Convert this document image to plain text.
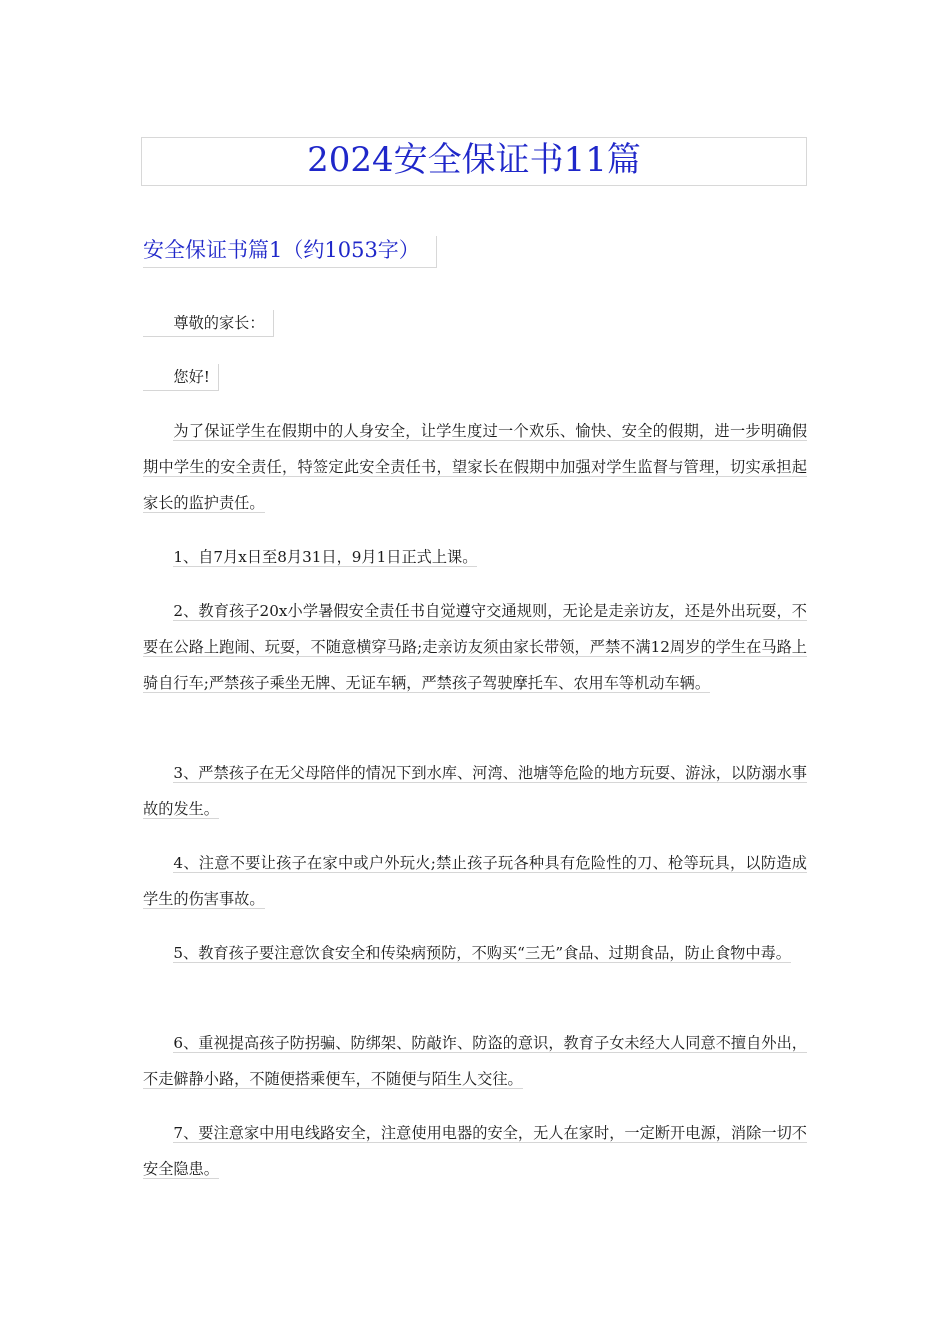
2024安全保证书11篇
安全保证书篇1（约1053字）

尊敬的家长：

您好!

为了保证学生在假期中的人身安全，让学生度过一个欢乐、愉快、安全的假期，进一步明确假期中学生的安全责任，特签定此安全责任书，望家长在假期中加强对学生监督与管理，切实承担起家长的监护责任。

1、自7月x日至8月31日，9月1日正式上课。

2、教育孩子20x小学暑假安全责任书自觉遵守交通规则，无论是走亲访友，还是外出玩耍，不要在公路上跑闹、玩耍，不随意横穿马路;走亲访友须由家长带领，严禁不满12周岁的学生在马路上骑自行车;严禁孩子乘坐无牌、无证车辆，严禁孩子驾驶摩托车、农用车等机动车辆。

3、严禁孩子在无父母陪伴的情况下到水库、河湾、池塘等危险的地方玩耍、游泳，以防溺水事故的发生。

4、注意不要让孩子在家中或户外玩火;禁止孩子玩各种具有危险性的刀、枪等玩具，以防造成学生的伤害事故。

5、教育孩子要注意饮食安全和传染病预防，不购买“三无”食品、过期食品，防止食物中毒。

6、重视提高孩子防拐骗、防绑架、防敲诈、防盗的意识，教育子女未经大人同意不擅自外出，不走僻静小路，不随便搭乘便车，不随便与陌生人交往。

7、要注意家中用电线路安全，注意使用电器的安全，无人在家时，一定断开电源，消除一切不安全隐患。
